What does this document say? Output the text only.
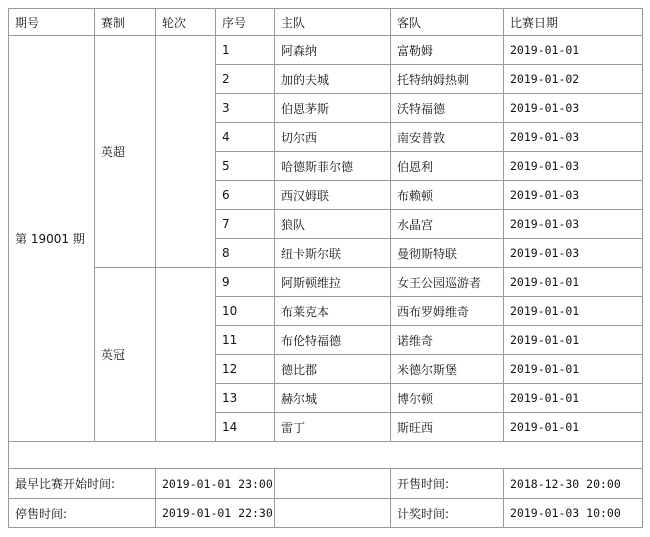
期号	赛制	轮次	序号	主队	客队	比赛日期
第 19001 期	英超		1	阿森纳	富勒姆	2019-01-01
			2	加的夫城	托特纳姆热刺	2019-01-02
			3	伯恩茅斯	沃特福德	2019-01-03
			4	切尔西	南安普敦	2019-01-03
			5	哈德斯菲尔德	伯恩利	2019-01-03
			6	西汉姆联	布赖顿	2019-01-03
			7	狼队	水晶宫	2019-01-03
			8	纽卡斯尔联	曼彻斯特联	2019-01-03
	英冠		9	阿斯顿维拉	女王公园巡游者	2019-01-01
			10	布莱克本	西布罗姆维奇	2019-01-01
			11	布伦特福德	诺维奇	2019-01-01
			12	德比郡	米德尔斯堡	2019-01-01
			13	赫尔城	博尔顿	2019-01-01
			14	雷丁	斯旺西	2019-01-01

最早比赛开始时间:		2019-01-01 23:00			开售时间:	2018-12-30 20:00
停售时间:		2019-01-01 22:30			计奖时间:	2019-01-03 10:00
